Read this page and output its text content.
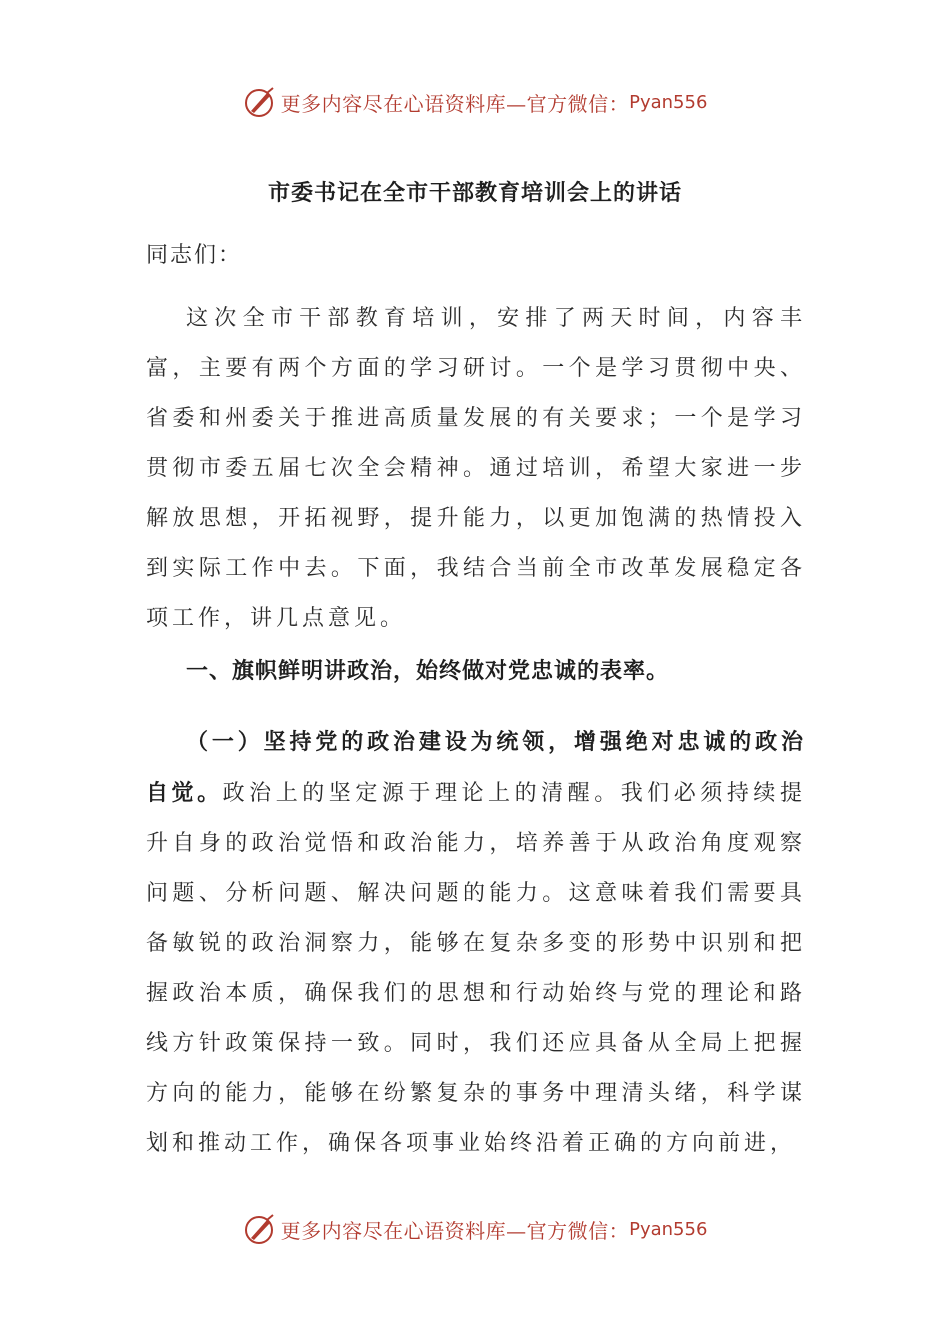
更多内容尽在心语资料库—官方微信： Pyan556
市委书记在全市干部教育培训会上的讲话

同志们：

这次全市干部教育培训，安排了两天时间，内容丰富，主要有两个方面的学习研讨。一个是学习贯彻中央、省委和州委关于推进高质量发展的有关要求；一个是学习贯彻市委五届七次全会精神。通过培训，希望大家进一步解放思想，开拓视野，提升能力，以更加饱满的热情投入到实际工作中去。下面，我结合当前全市改革发展稳定各项工作，讲几点意见。

一、旗帜鲜明讲政治，始终做对党忠诚的表率。

（一）坚持党的政治建设为统领，增强绝对忠诚的政治自觉。政治上的坚定源于理论上的清醒。我们必须持续提升自身的政治觉悟和政治能力，培养善于从政治角度观察问题、分析问题、解决问题的能力。这意味着我们需要具备敏锐的政治洞察力，能够在复杂多变的形势中识别和把握政治本质，确保我们的思想和行动始终与党的理论和路线方针政策保持一致。同时，我们还应具备从全局上把握方向的能力，能够在纷繁复杂的事务中理清头绪，科学谋划和推动工作，确保各项事业始终沿着正确的方向前进，

更多内容尽在心语资料库—官方微信： Pyan556
